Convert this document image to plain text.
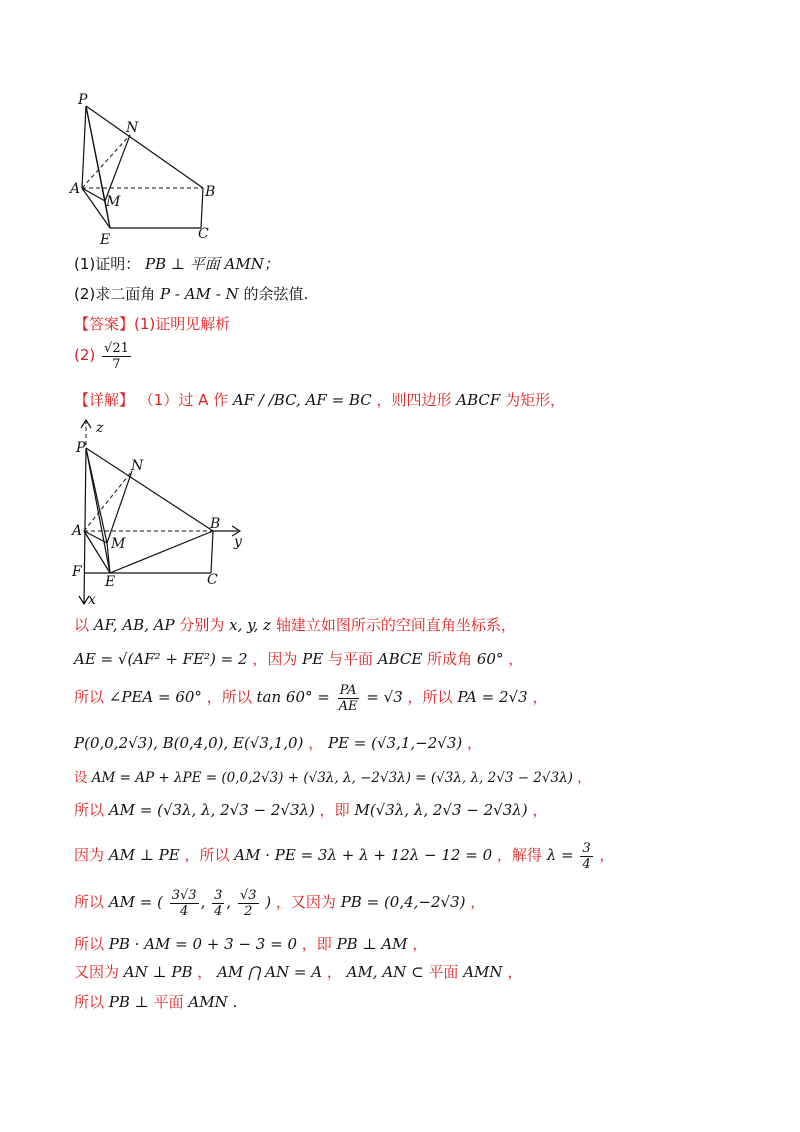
P
N
A
M
B
E	C
(1)证明： PB ⊥ 平面 AMN；
(2)求二面角 P - AM - N 的余弦值.
【答案】(1)证明见解析
$(2) \frac{√21}{7}$
【详解】 （1）过 A 作 AF / /BC, AF = BC ，则四边形 ABCF 为矩形，
z
P
N
A
M
B
y
F
E	C
x
以 AF, AB, AP 分别为 x, y, z 轴建立如图所示的空间直角坐标系，
AE = √(AF² + FE²) = 2 ，因为 PE 与平面 ABCE 所成角 60° ，
所以 ∠PEA = 60° ，所以 $\tan 60^\circ = \frac{PA}{AE} = √3$ ，所以 PA = 2√3 ，
P(0,0,2√3), B(0,4,0), E(√3,1,0) ， PE = (√3,1,−2√3) ，
设 AM = AP + λPE = (0,0,2√3) + (√3λ, λ, −2√3λ) = (√3λ, λ, 2√3 − 2√3λ) ，
所以 AM = (√3λ, λ, 2√3 − 2√3λ) ，即 M(√3λ, λ, 2√3 − 2√3λ) ，
因为 AM ⊥ PE ，所以 AM · PE = 3λ + λ + 12λ − 12 = 0 ，解得 $\lambda = \frac{3}{4}$ ，
所以 AM = ( $\frac{3√3}{4}$ , $\frac{3}{4}$ , $\frac{√3}{2}$ ) ，又因为 PB = (0,4,−2√3) ，
所以 PB · AM = 0 + 3 − 3 = 0 ，即 PB ⊥ AM ，
又因为 AN ⊥ PB ， AM ⋂ AN = A ， AM, AN ⊂ 平面 AMN ，
所以 PB ⊥ 平面 AMN .
